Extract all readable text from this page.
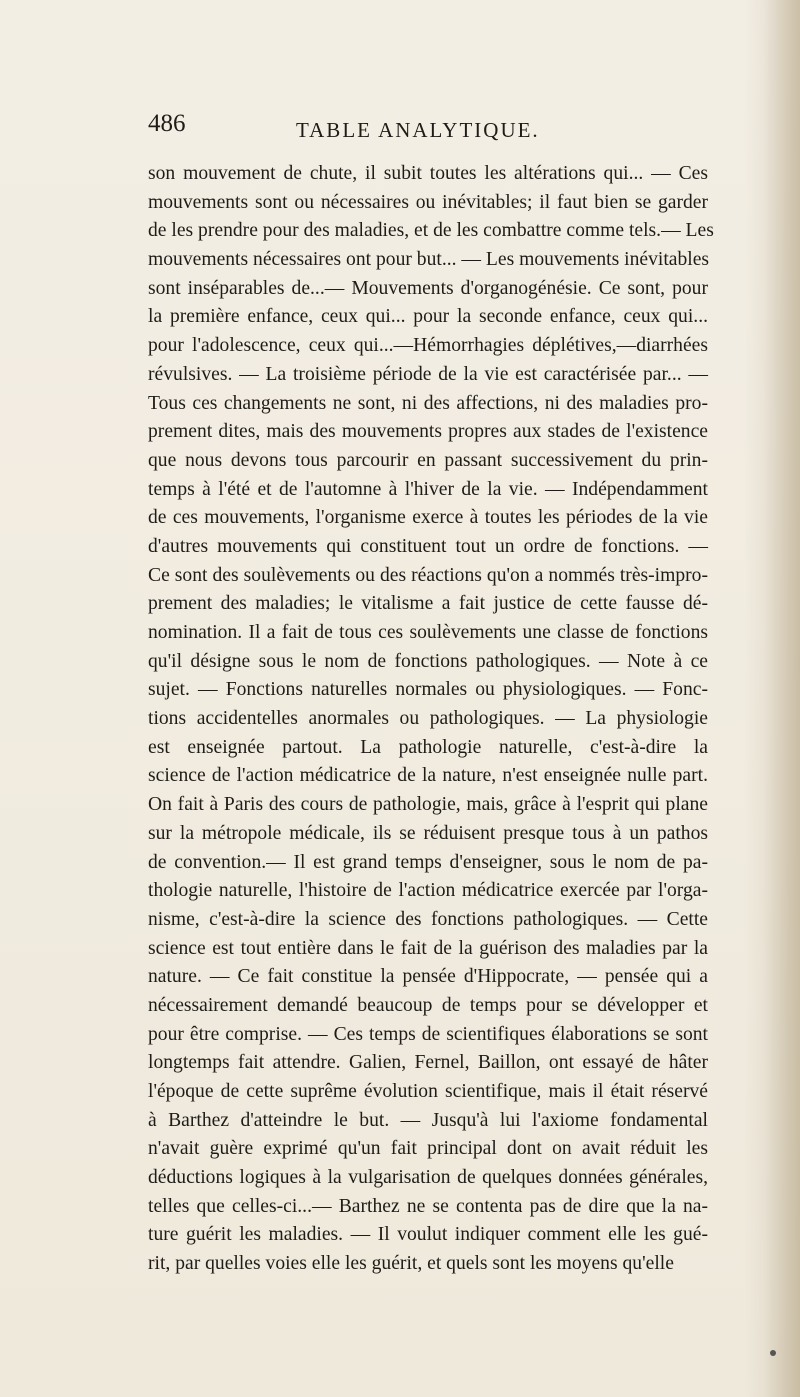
486	TABLE ANALYTIQUE.
son mouvement de chute, il subit toutes les altérations qui... — Ces
mouvements sont ou nécessaires ou inévitables; il faut bien se garder
de les prendre pour des maladies, et de les combattre comme tels.— Les
mouvements nécessaires ont pour but... — Les mouvements inévitables
sont inséparables de...— Mouvements d'organogénésie. Ce sont, pour
la première enfance, ceux qui... pour la seconde enfance, ceux qui...
pour l'adolescence, ceux qui...—Hémorrhagies déplétives,—diarrhées
révulsives. — La troisième période de la vie est caractérisée par... —
Tous ces changements ne sont, ni des affections, ni des maladies pro-
prement dites, mais des mouvements propres aux stades de l'existence
que nous devons tous parcourir en passant successivement du prin-
temps à l'été et de l'automne à l'hiver de la vie. — Indépendamment
de ces mouvements, l'organisme exerce à toutes les périodes de la vie
d'autres mouvements qui constituent tout un ordre de fonctions. —
Ce sont des soulèvements ou des réactions qu'on a nommés très-impro-
prement des maladies; le vitalisme a fait justice de cette fausse dé-
nomination. Il a fait de tous ces soulèvements une classe de fonctions
qu'il désigne sous le nom de fonctions pathologiques. — Note à ce
sujet. — Fonctions naturelles normales ou physiologiques. — Fonc-
tions accidentelles anormales ou pathologiques. — La physiologie
est enseignée partout. La pathologie naturelle, c'est-à-dire la
science de l'action médicatrice de la nature, n'est enseignée nulle part.
On fait à Paris des cours de pathologie, mais, grâce à l'esprit qui plane
sur la métropole médicale, ils se réduisent presque tous à un pathos
de convention.— Il est grand temps d'enseigner, sous le nom de pa-
thologie naturelle, l'histoire de l'action médicatrice exercée par l'orga-
nisme, c'est-à-dire la science des fonctions pathologiques. — Cette
science est tout entière dans le fait de la guérison des maladies par la
nature. — Ce fait constitue la pensée d'Hippocrate, — pensée qui a
nécessairement demandé beaucoup de temps pour se développer et
pour être comprise. — Ces temps de scientifiques élaborations se sont
longtemps fait attendre. Galien, Fernel, Baillon, ont essayé de hâter
l'époque de cette suprême évolution scientifique, mais il était réservé
à Barthez d'atteindre le but. — Jusqu'à lui l'axiome fondamental
n'avait guère exprimé qu'un fait principal dont on avait réduit les
déductions logiques à la vulgarisation de quelques données générales,
telles que celles-ci...— Barthez ne se contenta pas de dire que la na-
ture guérit les maladies. — Il voulut indiquer comment elle les gué-
rit, par quelles voies elle les guérit, et quels sont les moyens qu'elle
